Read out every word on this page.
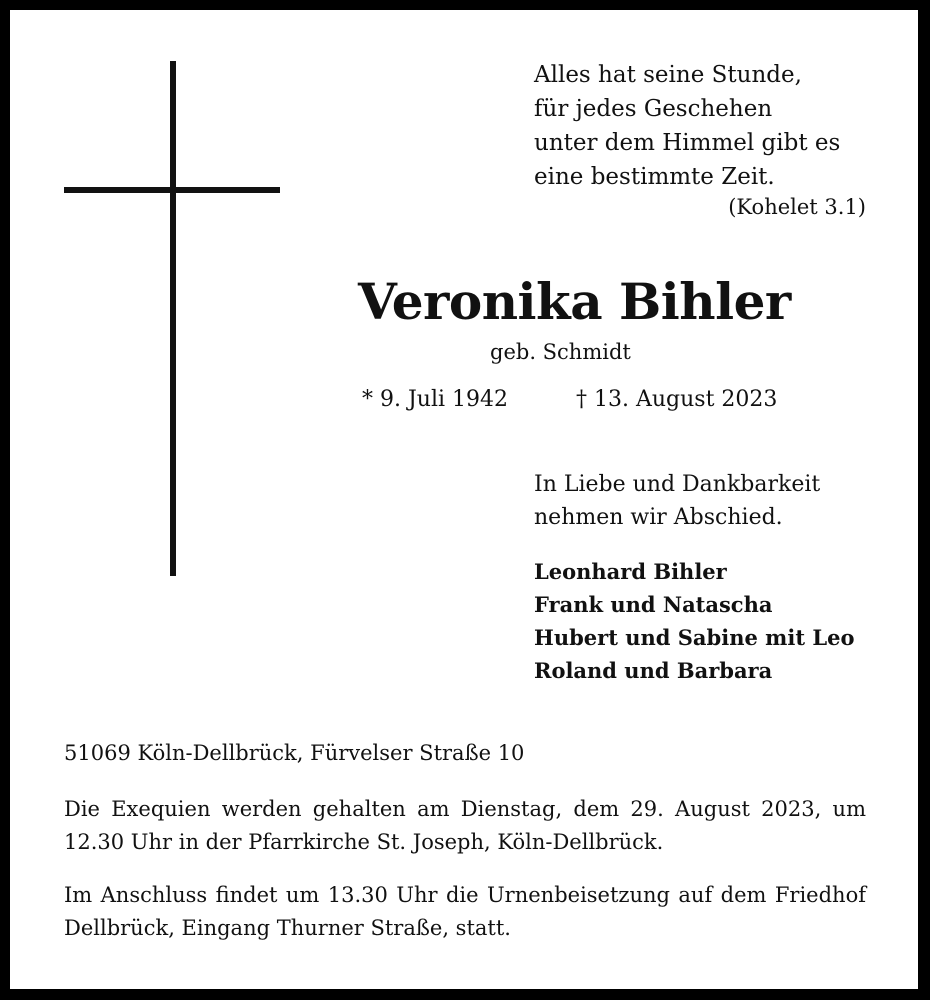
Alles hat seine Stunde,
für jedes Geschehen
unter dem Himmel gibt es
eine bestimmte Zeit.
(Kohelet 3.1)
Veronika Bihler
geb. Schmidt
* 9. Juli 1942	† 13. August 2023
In Liebe und Dankbarkeit
nehmen wir Abschied.
Leonhard Bihler
Frank und Natascha
Hubert und Sabine mit Leo
Roland und Barbara
51069 Köln-Dellbrück, Fürvelser Straße 10
Die Exequien werden gehalten am Dienstag, dem 29. August 2023, um 12.30 Uhr in der Pfarrkirche St. Joseph, Köln-Dellbrück.
Im Anschluss findet um 13.30 Uhr die Urnenbeisetzung auf dem Friedhof Dellbrück, Eingang Thurner Straße, statt.
